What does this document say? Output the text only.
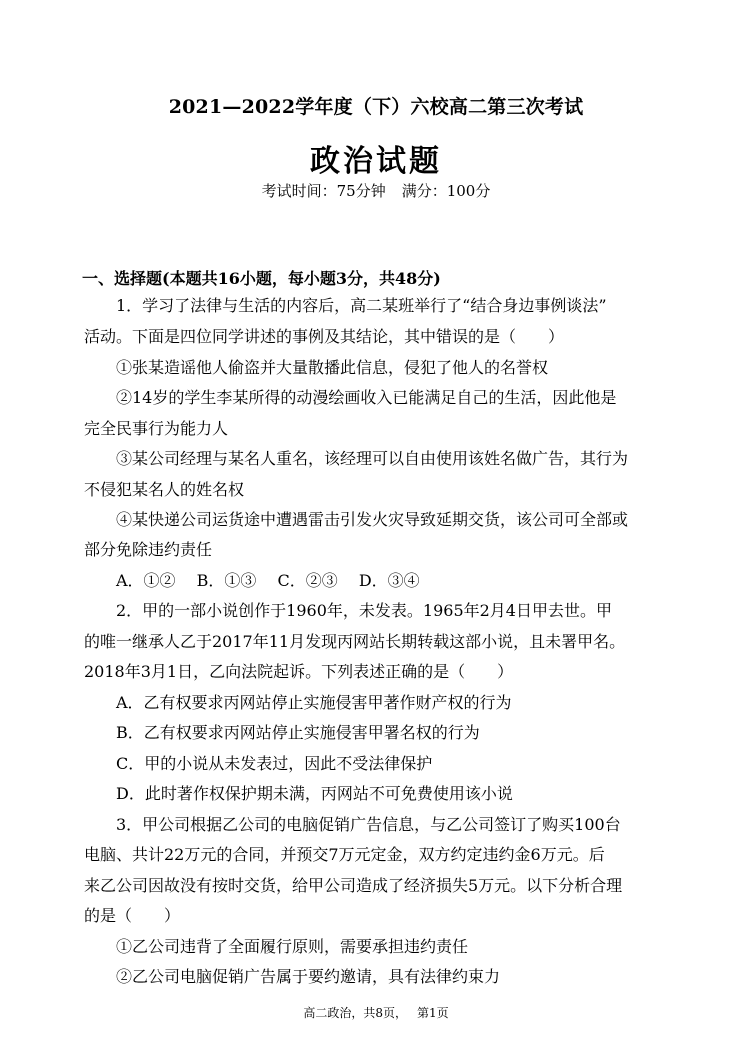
2021—2022学年度（下）六校高二第三次考试
政治试题
考试时间：75分钟 满分：100分
一、选择题(本题共16小题，每小题3分，共48分)
1．学习了法律与生活的内容后，高二某班举行了“结合身边事例谈法”
活动。下面是四位同学讲述的事例及其结论，其中错误的是（　　）
①张某造谣他人偷盗并大量散播此信息，侵犯了他人的名誉权
②14岁的学生李某所得的动漫绘画收入已能满足自己的生活，因此他是
完全民事行为能力人
③某公司经理与某名人重名，该经理可以自由使用该姓名做广告，其行为
不侵犯某名人的姓名权
④某快递公司运货途中遭遇雷击引发火灾导致延期交货，该公司可全部或
部分免除违约责任
A．①②　 B．①③　 C．②③　 D．③④
2．甲的一部小说创作于1960年，未发表。1965年2月4日甲去世。甲
的唯一继承人乙于2017年11月发现丙网站长期转载这部小说，且未署甲名。
2018年3月1日，乙向法院起诉。下列表述正确的是（　　）
A．乙有权要求丙网站停止实施侵害甲著作财产权的行为
B．乙有权要求丙网站停止实施侵害甲署名权的行为
C．甲的小说从未发表过，因此不受法律保护
D．此时著作权保护期未满，丙网站不可免费使用该小说
3．甲公司根据乙公司的电脑促销广告信息，与乙公司签订了购买100台
电脑、共计22万元的合同，并预交7万元定金，双方约定违约金6万元。后
来乙公司因故没有按时交货，给甲公司造成了经济损失5万元。以下分析合理
的是（　　）
①乙公司违背了全面履行原则，需要承担违约责任
②乙公司电脑促销广告属于要约邀请，具有法律约束力
高二政治，共8页， 第1页
